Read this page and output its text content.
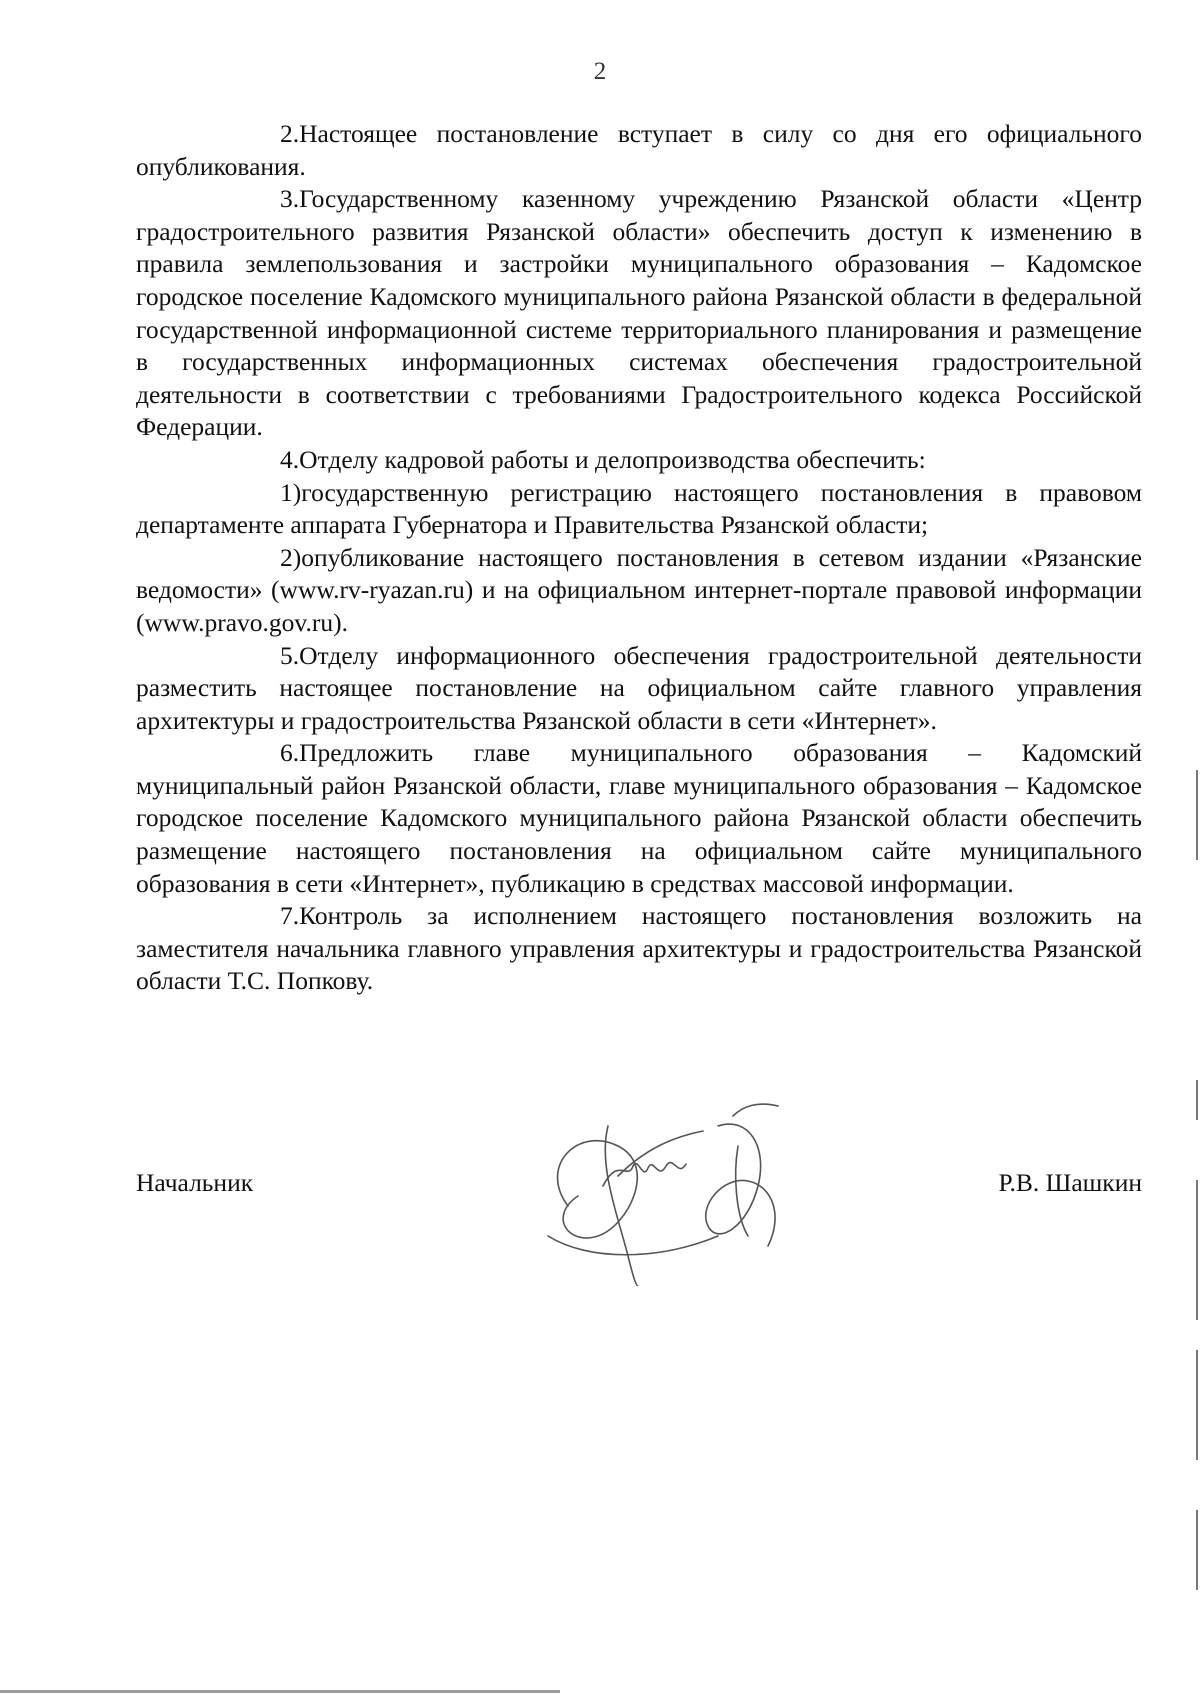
2

2.Настоящее постановление вступает в силу со дня его официального опубликования.

3.Государственному казенному учреждению Рязанской области «Центр градостроительного развития Рязанской области» обеспечить доступ к изменению в правила землепользования и застройки муниципального образования – Кадомское городское поселение Кадомского муниципального района Рязанской области в федеральной государственной информационной системе территориального планирования и размещение в государственных информационных системах обеспечения градостроительной деятельности в соответствии с требованиями Градостроительного кодекса Российской Федерации.

4.Отделу кадровой работы и делопроизводства обеспечить:

1)государственную регистрацию настоящего постановления в правовом департаменте аппарата Губернатора и Правительства Рязанской области;

2)опубликование настоящего постановления в сетевом издании «Рязанские ведомости» (www.rv-ryazan.ru) и на официальном интернет-портале правовой информации (www.pravo.gov.ru).

5.Отделу информационного обеспечения градостроительной деятельности разместить настоящее постановление на официальном сайте главного управления архитектуры и градостроительства Рязанской области в сети «Интернет».

6.Предложить главе муниципального образования – Кадомский муниципальный район Рязанской области, главе муниципального образования – Кадомское городское поселение Кадомского муниципального района Рязанской области обеспечить размещение настоящего постановления на официальном сайте муниципального образования в сети «Интернет», публикацию в средствах массовой информации.

7.Контроль за исполнением настоящего постановления возложить на заместителя начальника главного управления архитектуры и градостроительства Рязанской области Т.С. Попкову.

Начальник	Р.В. Шашкин
